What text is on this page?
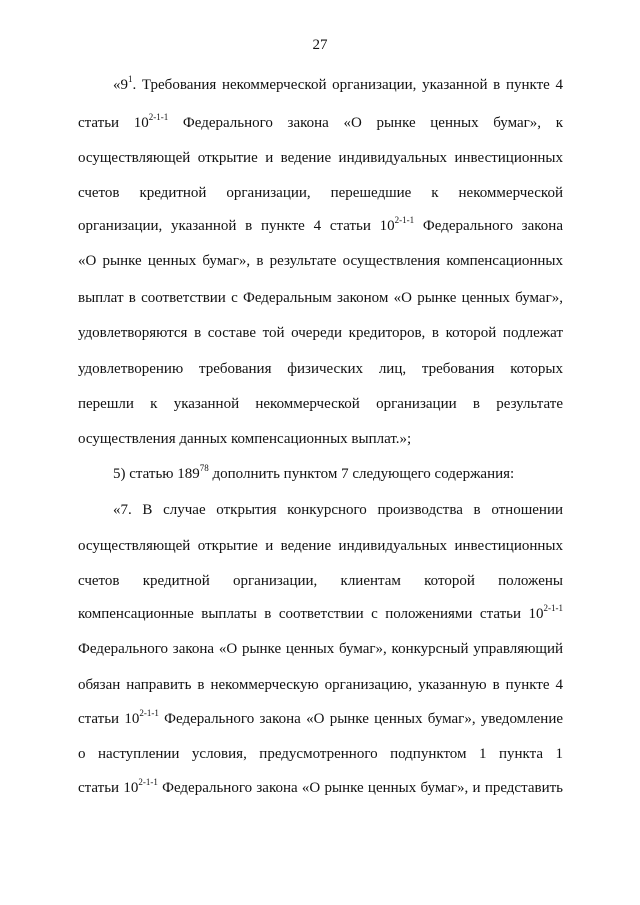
27
«$9^1$. Требования некоммерческой организации, указанной в пункте 4
статьи 10$^{2-1-1}$ Федерального закона «О рынке ценных бумаг», к
осуществляющей открытие и ведение индивидуальных инвестиционных
счетов кредитной организации, перешедшие к некоммерческой
организации, указанной в пункте 4 статьи 10$^{2-1-1}$ Федерального закона
«О рынке ценных бумаг», в результате осуществления компенсационных
выплат в соответствии с Федеральным законом «О рынке ценных бумаг»,
удовлетворяются в составе той очереди кредиторов, в которой подлежат
удовлетворению требования физических лиц, требования которых
перешли к указанной некоммерческой организации в результате
осуществления данных компенсационных выплат.»;
5) статью $189^{78}$ дополнить пунктом 7 следующего содержания:
«7. В случае открытия конкурсного производства в отношении
осуществляющей открытие и ведение индивидуальных инвестиционных
счетов кредитной организации, клиентам которой положены
компенсационные выплаты в соответствии с положениями статьи 10$^{2-1-1}$
Федерального закона «О рынке ценных бумаг», конкурсный управляющий
обязан направить в некоммерческую организацию, указанную в пункте 4
статьи 10$^{2-1-1}$ Федерального закона «О рынке ценных бумаг», уведомление
о наступлении условия, предусмотренного подпунктом 1 пункта 1
статьи 10$^{2-1-1}$ Федерального закона «О рынке ценных бумаг», и представить
